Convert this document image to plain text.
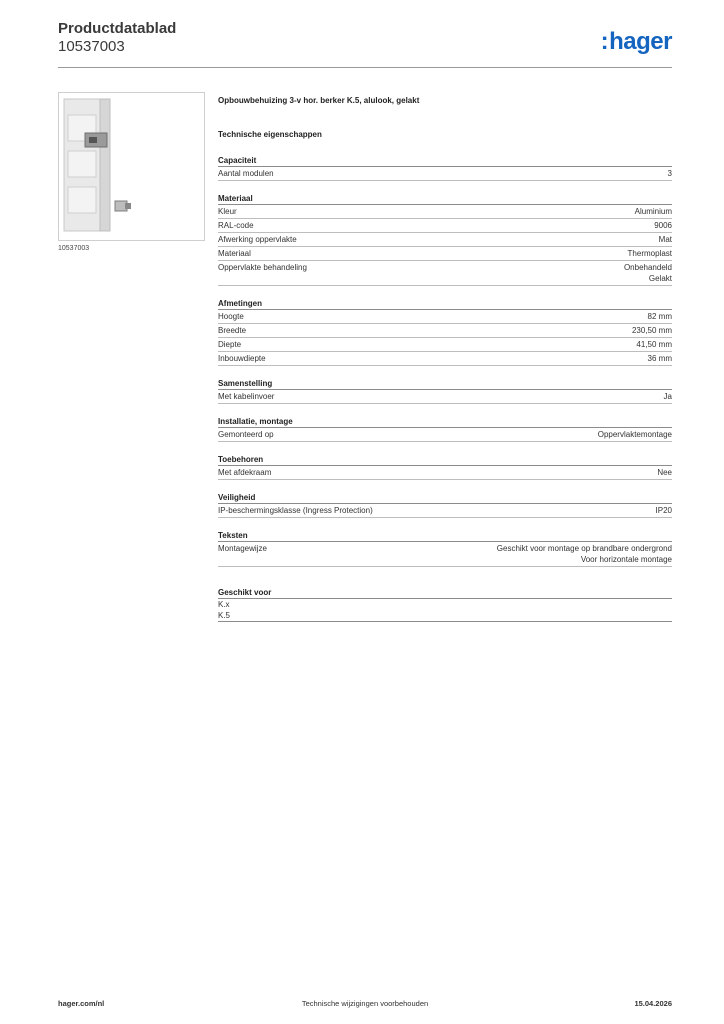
Productdatablad
10537003	:hager
10537003
Opbouwbehuizing 3-v hor. berker K.5, alulook, gelakt
Technische eigenschappen
Capaciteit
Aantal modulen	3
Materiaal
Kleur	Aluminium
RAL-code	9006
Afwerking oppervlakte	Mat
Materiaal	Thermoplast
Oppervlakte behandeling	Onbehandeld
Gelakt
Afmetingen
Hoogte	82 mm
Breedte	230,50 mm
Diepte	41,50 mm
Inbouwdiepte	36 mm
Samenstelling
Met kabelinvoer	Ja
Installatie, montage
Gemonteerd op	Oppervlaktemontage
Toebehoren
Met afdekraam	Nee
Veiligheid
IP-beschermingsklasse (Ingress Protection)	IP20
Teksten
Montagewijze	Geschikt voor montage op brandbare ondergrond
Voor horizontale montage
Geschikt voor
K.x
K.5
hager.com/nl	Technische wijzigingen voorbehouden	15.04.2026
